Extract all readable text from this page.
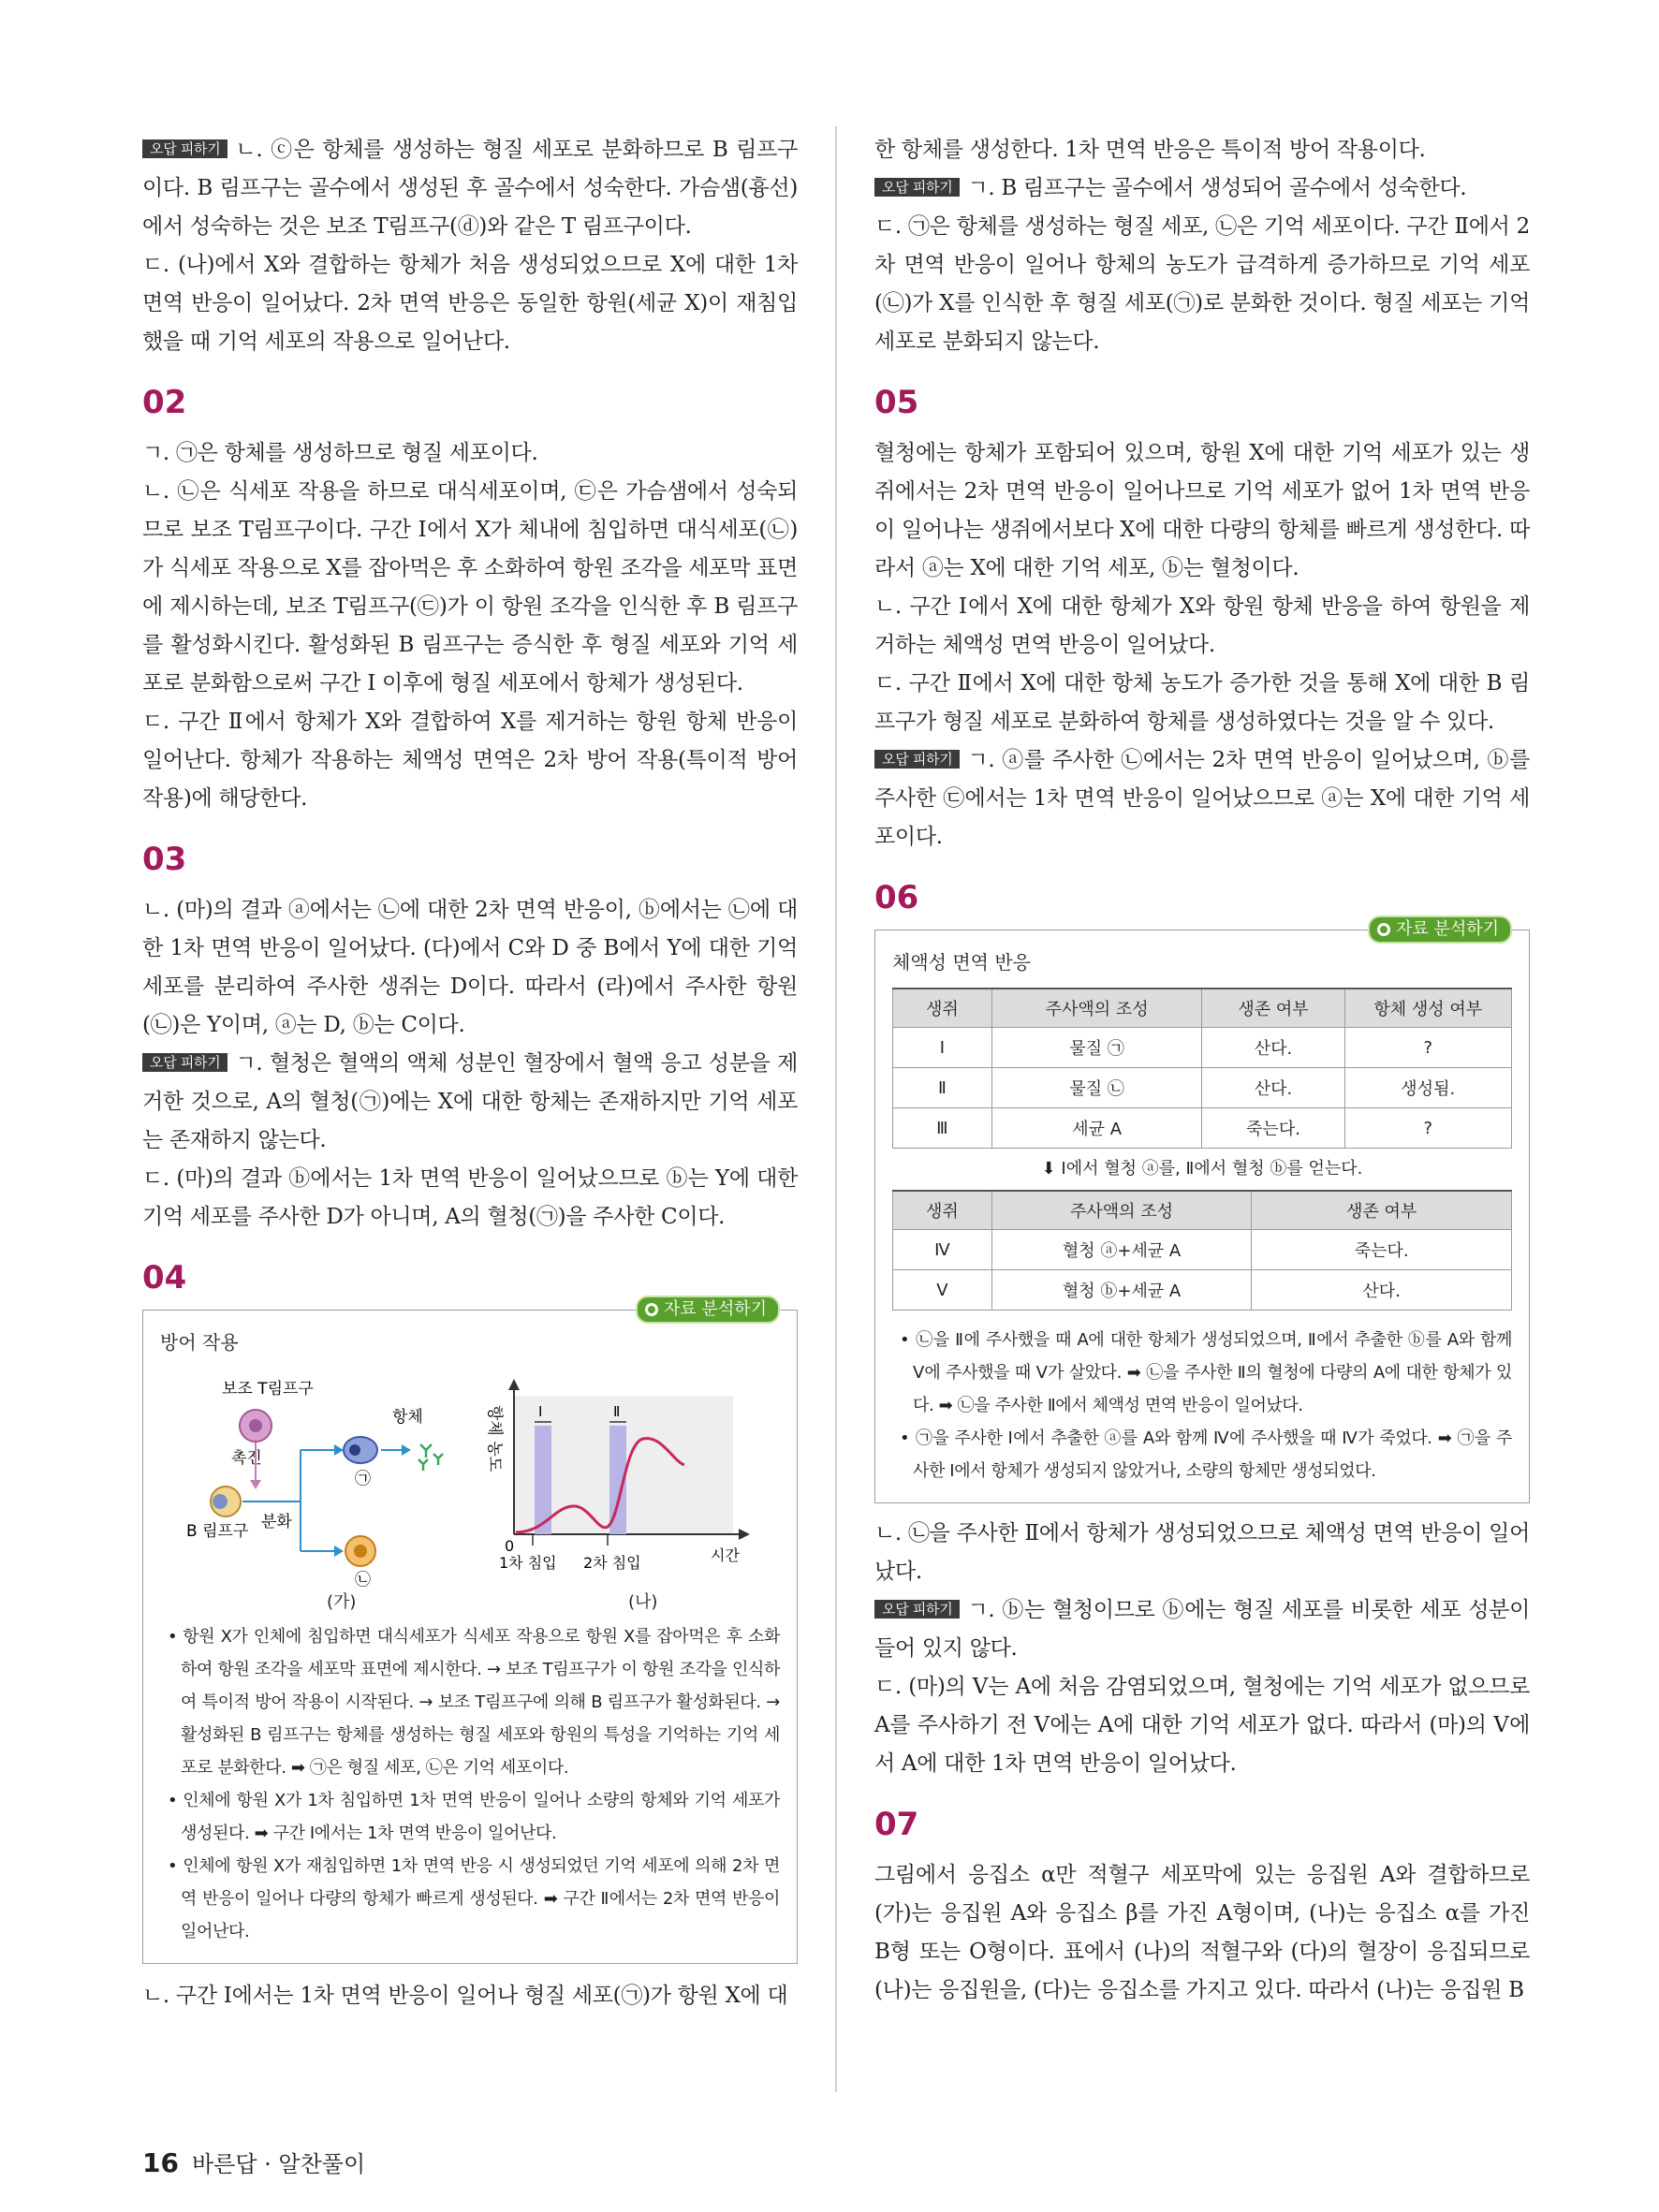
오답 피하기 ㄴ. ⓒ은 항체를 생성하는 형질 세포로 분화하므로 B 림프구이다. B 림프구는 골수에서 생성된 후 골수에서 성숙한다. 가슴샘(흉선)에서 성숙하는 것은 보조 T림프구(ⓓ)와 같은 T 림프구이다.

ㄷ. (나)에서 X와 결합하는 항체가 처음 생성되었으므로 X에 대한 1차 면역 반응이 일어났다. 2차 면역 반응은 동일한 항원(세균 X)이 재침입했을 때 기억 세포의 작용으로 일어난다.

02

ㄱ. ㉠은 항체를 생성하므로 형질 세포이다.

ㄴ. ㉡은 식세포 작용을 하므로 대식세포이며, ㉢은 가슴샘에서 성숙되므로 보조 T림프구이다. 구간 Ⅰ에서 X가 체내에 침입하면 대식세포(㉡)가 식세포 작용으로 X를 잡아먹은 후 소화하여 항원 조각을 세포막 표면에 제시하는데, 보조 T림프구(㉢)가 이 항원 조각을 인식한 후 B 림프구를 활성화시킨다. 활성화된 B 림프구는 증식한 후 형질 세포와 기억 세포로 분화함으로써 구간 Ⅰ 이후에 형질 세포에서 항체가 생성된다.

ㄷ. 구간 Ⅱ에서 항체가 X와 결합하여 X를 제거하는 항원 항체 반응이 일어난다. 항체가 작용하는 체액성 면역은 2차 방어 작용(특이적 방어 작용)에 해당한다.

03

ㄴ. (마)의 결과 ⓐ에서는 ㉡에 대한 2차 면역 반응이, ⓑ에서는 ㉡에 대한 1차 면역 반응이 일어났다. (다)에서 C와 D 중 B에서 Y에 대한 기억 세포를 분리하여 주사한 생쥐는 D이다. 따라서 (라)에서 주사한 항원(㉡)은 Y이며, ⓐ는 D, ⓑ는 C이다.

오답 피하기 ㄱ. 혈청은 혈액의 액체 성분인 혈장에서 혈액 응고 성분을 제거한 것으로, A의 혈청(㉠)에는 X에 대한 항체는 존재하지만 기억 세포는 존재하지 않는다.

ㄷ. (마)의 결과 ⓑ에서는 1차 면역 반응이 일어났으므로 ⓑ는 Y에 대한 기억 세포를 주사한 D가 아니며, A의 혈청(㉠)을 주사한 C이다.

04
자료 분석하기
방어 작용
보조 T림프구
촉진
B 림프구 분화
㉠
항체
㉡
항체 농도
0
Ⅰ	Ⅱ
1차 침입 2차 침입	시간
(가)	(나)

• 항원 X가 인체에 침입하면 대식세포가 식세포 작용으로 항원 X를 잡아먹은 후 소화하여 항원 조각을 세포막 표면에 제시한다. → 보조 T림프구가 이 항원 조각을 인식하여 특이적 방어 작용이 시작된다. → 보조 T림프구에 의해 B 림프구가 활성화된다. → 활성화된 B 림프구는 항체를 생성하는 형질 세포와 항원의 특성을 기억하는 기억 세포로 분화한다. ➡ ㉠은 형질 세포, ㉡은 기억 세포이다.

• 인체에 항원 X가 1차 침입하면 1차 면역 반응이 일어나 소량의 항체와 기억 세포가 생성된다. ➡ 구간 Ⅰ에서는 1차 면역 반응이 일어난다.

• 인체에 항원 X가 재침입하면 1차 면역 반응 시 생성되었던 기억 세포에 의해 2차 면역 반응이 일어나 다량의 항체가 빠르게 생성된다. ➡ 구간 Ⅱ에서는 2차 면역 반응이 일어난다.

ㄴ. 구간 Ⅰ에서는 1차 면역 반응이 일어나 형질 세포(㉠)가 항원 X에 대

한 항체를 생성한다. 1차 면역 반응은 특이적 방어 작용이다.

오답 피하기 ㄱ. B 림프구는 골수에서 생성되어 골수에서 성숙한다.

ㄷ. ㉠은 항체를 생성하는 형질 세포, ㉡은 기억 세포이다. 구간 Ⅱ에서 2차 면역 반응이 일어나 항체의 농도가 급격하게 증가하므로 기억 세포(㉡)가 X를 인식한 후 형질 세포(㉠)로 분화한 것이다. 형질 세포는 기억 세포로 분화되지 않는다.

05

혈청에는 항체가 포함되어 있으며, 항원 X에 대한 기억 세포가 있는 생쥐에서는 2차 면역 반응이 일어나므로 기억 세포가 없어 1차 면역 반응이 일어나는 생쥐에서보다 X에 대한 다량의 항체를 빠르게 생성한다. 따라서 ⓐ는 X에 대한 기억 세포, ⓑ는 혈청이다.

ㄴ. 구간 Ⅰ에서 X에 대한 항체가 X와 항원 항체 반응을 하여 항원을 제거하는 체액성 면역 반응이 일어났다.

ㄷ. 구간 Ⅱ에서 X에 대한 항체 농도가 증가한 것을 통해 X에 대한 B 림프구가 형질 세포로 분화하여 항체를 생성하였다는 것을 알 수 있다.

오답 피하기 ㄱ. ⓐ를 주사한 ㉡에서는 2차 면역 반응이 일어났으며, ⓑ를 주사한 ㉢에서는 1차 면역 반응이 일어났으므로 ⓐ는 X에 대한 기억 세포이다.

06
자료 분석하기
체액성 면역 반응
생쥐	주사액의 조성	생존 여부	항체 생성 여부
Ⅰ	물질 ㉠	산다.	?
Ⅱ	물질 ㉡	산다.	생성됨.
Ⅲ	세균 A	죽는다.	?
⬇ Ⅰ에서 혈청 ⓐ를, Ⅱ에서 혈청 ⓑ를 얻는다.
생쥐	주사액의 조성	생존 여부
Ⅳ	혈청 ⓐ+세균 A	죽는다.
Ⅴ	혈청 ⓑ+세균 A	산다.

• ㉡을 Ⅱ에 주사했을 때 A에 대한 항체가 생성되었으며, Ⅱ에서 추출한 ⓑ를 A와 함께 Ⅴ에 주사했을 때 Ⅴ가 살았다. ➡ ㉡을 주사한 Ⅱ의 혈청에 다량의 A에 대한 항체가 있다. ➡ ㉡을 주사한 Ⅱ에서 체액성 면역 반응이 일어났다.

• ㉠을 주사한 Ⅰ에서 추출한 ⓐ를 A와 함께 Ⅳ에 주사했을 때 Ⅳ가 죽었다. ➡ ㉠을 주사한 Ⅰ에서 항체가 생성되지 않았거나, 소량의 항체만 생성되었다.

ㄴ. ㉡을 주사한 Ⅱ에서 항체가 생성되었으므로 체액성 면역 반응이 일어났다.

오답 피하기 ㄱ. ⓑ는 혈청이므로 ⓑ에는 형질 세포를 비롯한 세포 성분이 들어 있지 않다.

ㄷ. (마)의 Ⅴ는 A에 처음 감염되었으며, 혈청에는 기억 세포가 없으므로 A를 주사하기 전 Ⅴ에는 A에 대한 기억 세포가 없다. 따라서 (마)의 Ⅴ에서 A에 대한 1차 면역 반응이 일어났다.

07

그림에서 응집소 α만 적혈구 세포막에 있는 응집원 A와 결합하므로 (가)는 응집원 A와 응집소 β를 가진 A형이며, (나)는 응집소 α를 가진 B형 또는 O형이다. 표에서 (나)의 적혈구와 (다)의 혈장이 응집되므로 (나)는 응집원을, (다)는 응집소를 가지고 있다. 따라서 (나)는 응집원 B

16 바른답 · 알찬풀이
